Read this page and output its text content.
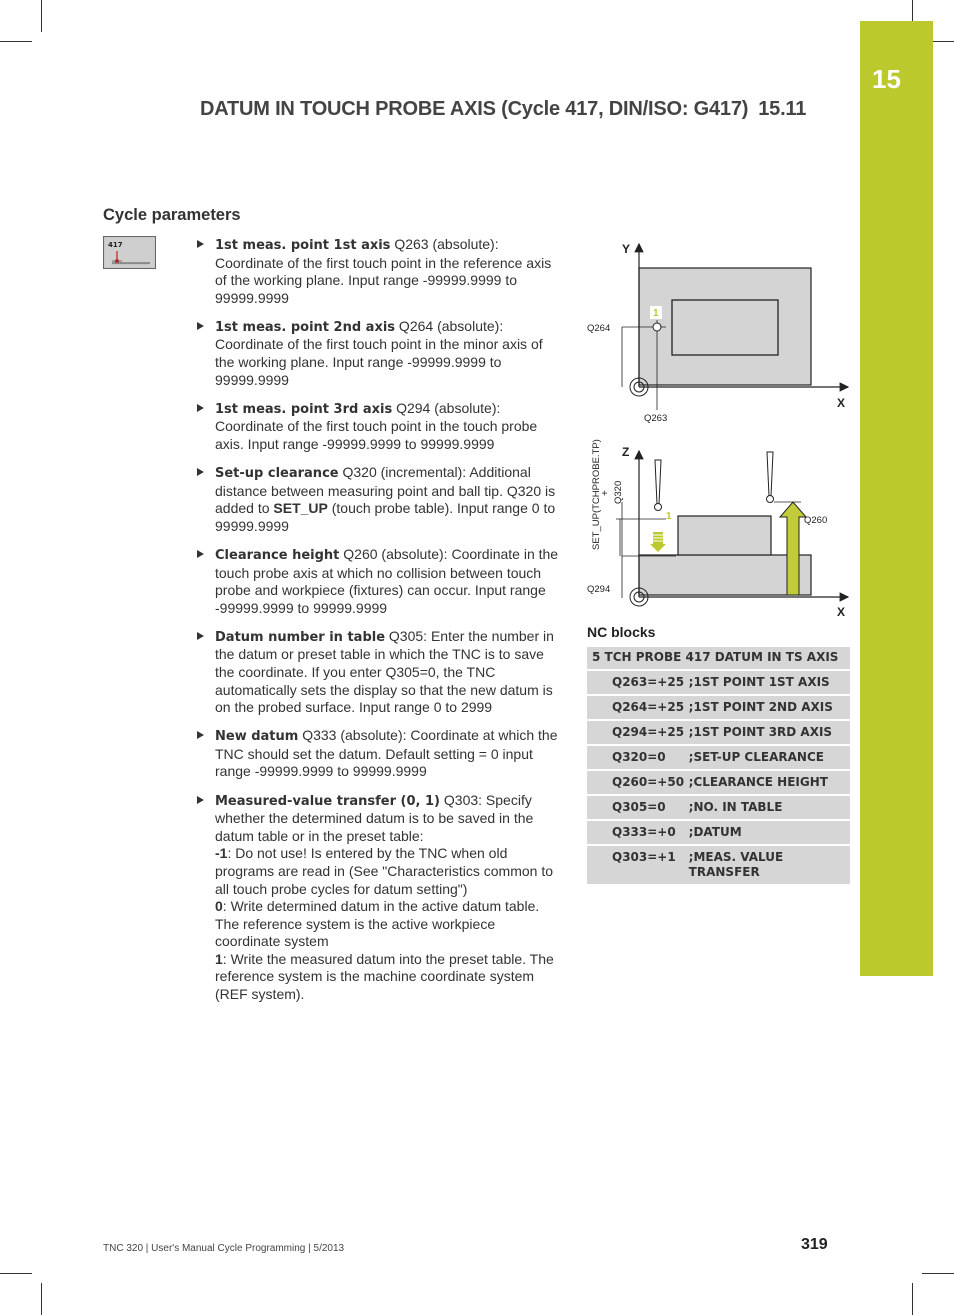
15
DATUM IN TOUCH PROBE AXIS (Cycle 417, DIN/ISO: G417) 15.11
Cycle parameters
417	1st meas. point 1st axis Q263 (absolute): Coordinate of the first touch point in the reference axis of the working plane. Input range -99999.9999 to 99999.9999
1st meas. point 2nd axis Q264 (absolute): Coordinate of the first touch point in the minor axis of the working plane. Input range -99999.9999 to 99999.9999
1st meas. point 3rd axis Q294 (absolute): Coordinate of the first touch point in the touch probe axis. Input range -99999.9999 to 99999.9999
Set-up clearance Q320 (incremental): Additional distance between measuring point and ball tip. Q320 is added to SET_UP (touch probe table). Input range 0 to 99999.9999
Clearance height Q260 (absolute): Coordinate in the touch probe axis at which no collision between touch probe and workpiece (fixtures) can occur. Input range -99999.9999 to 99999.9999
Datum number in table Q305: Enter the number in the datum or preset table in which the TNC is to save the coordinate. If you enter Q305=0, the TNC automatically sets the display so that the new datum is on the probed surface. Input range 0 to 2999
New datum Q333 (absolute): Coordinate at which the TNC should set the datum. Default setting = 0 input range -99999.9999 to 99999.9999
Measured-value transfer (0, 1) Q303: Specify whether the determined datum is to be saved in the datum table or in the preset table:
-1: Do not use! Is entered by the TNC when old programs are read in (See "Characteristics common to all touch probe cycles for datum setting")
0: Write determined datum in the active datum table. The reference system is the active workpiece coordinate system
1: Write the measured datum into the preset table. The reference system is the machine coordinate system (REF system).
Y
X
Q264
Q263
1
Z
X
1	Q260
Q294
SET_UP(TCHPROBE.TP)
+ Q320
NC blocks
5 TCH PROBE 417 DATUM IN TS AXIS	
Q263=+25	;1ST POINT 1ST AXIS
Q264=+25	;1ST POINT 2ND AXIS
Q294=+25	;1ST POINT 3RD AXIS
Q320=0	;SET-UP CLEARANCE
Q260=+50	;CLEARANCE HEIGHT
Q305=0	;NO. IN TABLE
Q333=+0	;DATUM
Q303=+1	;MEAS. VALUE TRANSFER
TNC 320 | User's Manual Cycle Programming | 5/2013	319
